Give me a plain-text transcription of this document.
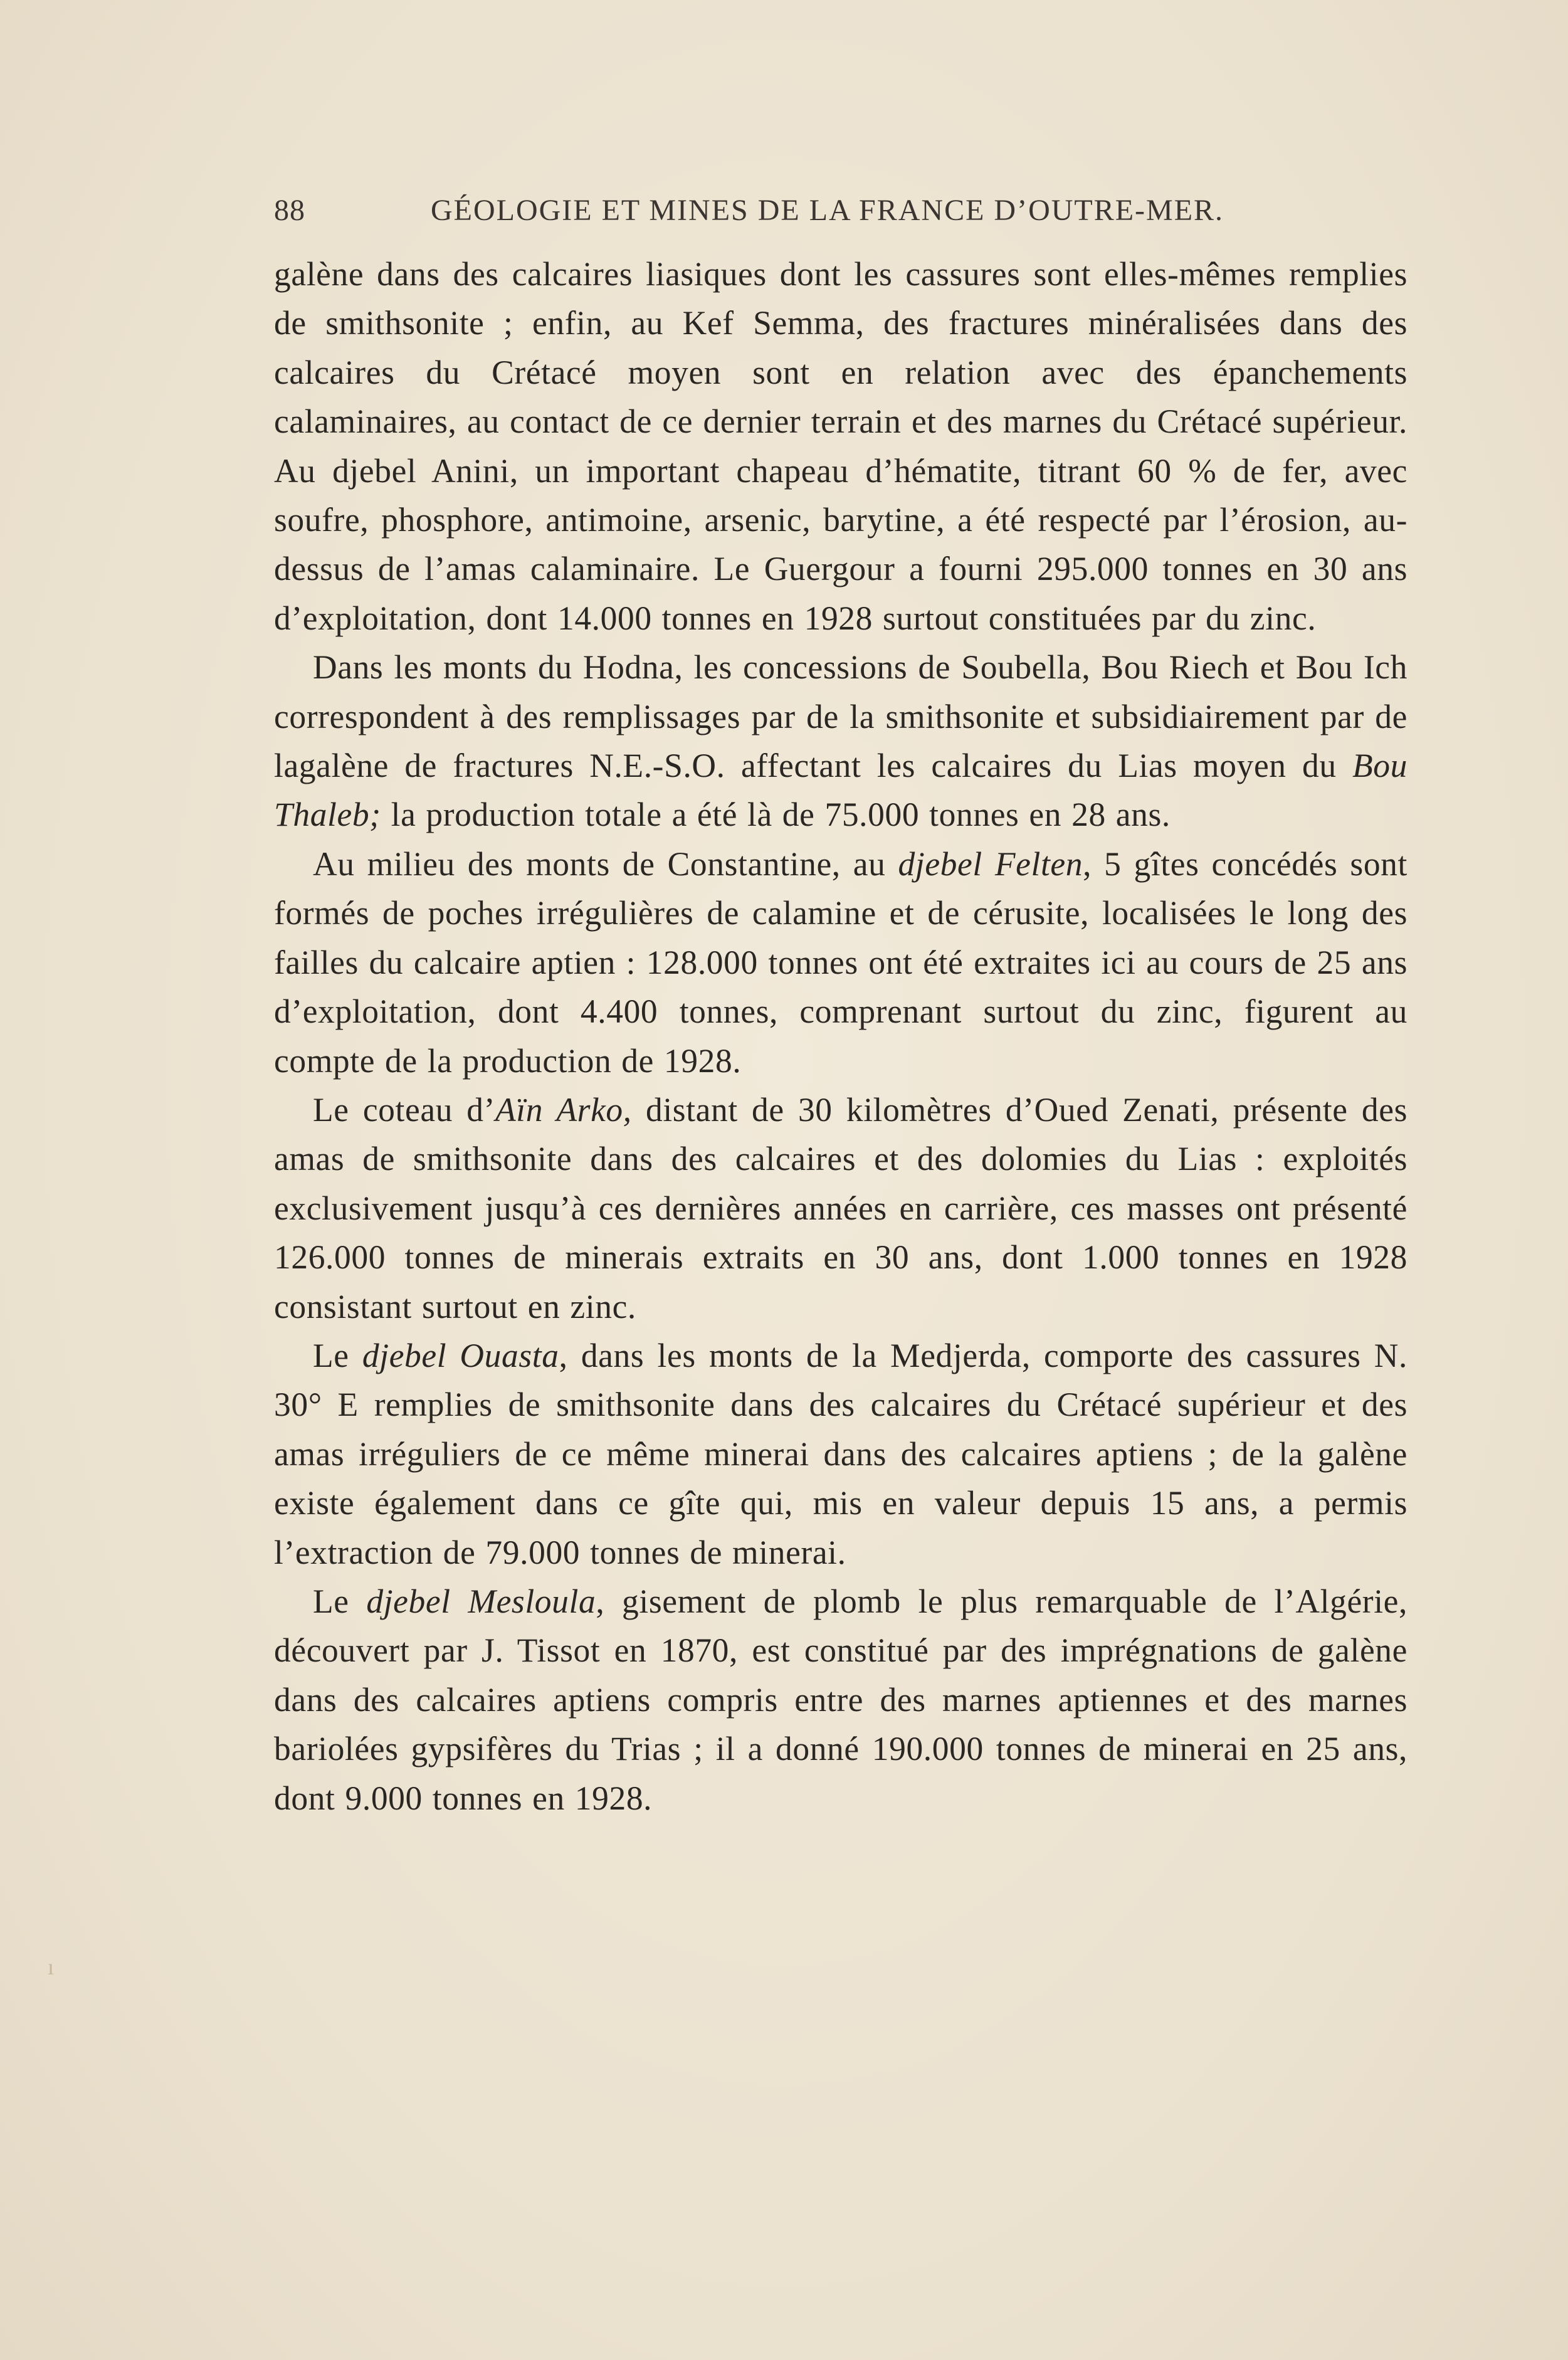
88	GÉOLOGIE ET MINES DE LA FRANCE D’OUTRE-MER.

galène dans des calcaires liasiques dont les cassures sont elles-mêmes remplies de smithsonite ; enfin, au Kef Semma, des fractures minéralisées dans des calcaires du Crétacé moyen sont en relation avec des épanchements calaminaires, au contact de ce dernier terrain et des marnes du Crétacé supérieur. Au djebel Anini, un important chapeau d’hématite, titrant 60 % de fer, avec soufre, phosphore, antimoine, arsenic, barytine, a été respecté par l’érosion, au-dessus de l’amas calaminaire. Le Guergour a fourni 295.000 tonnes en 30 ans d’exploitation, dont 14.000 tonnes en 1928 surtout constituées par du zinc.

Dans les monts du Hodna, les concessions de Soubella, Bou Riech et Bou Ich correspondent à des remplissages par de la smithsonite et subsidiairement par de lagalène de fractures N.E.-S.O. affectant les calcaires du Lias moyen du Bou Thaleb; la production totale a été là de 75.000 tonnes en 28 ans.

Au milieu des monts de Constantine, au djebel Felten, 5 gîtes concédés sont formés de poches irrégulières de calamine et de cérusite, localisées le long des failles du calcaire aptien : 128.000 tonnes ont été extraites ici au cours de 25 ans d’exploitation, dont 4.400 tonnes, comprenant surtout du zinc, figurent au compte de la production de 1928.

Le coteau d’Aïn Arko, distant de 30 kilomètres d’Oued Zenati, présente des amas de smithsonite dans des calcaires et des dolomies du Lias : exploités exclusivement jusqu’à ces dernières années en carrière, ces masses ont présenté 126.000 tonnes de minerais extraits en 30 ans, dont 1.000 tonnes en 1928 consistant surtout en zinc.

Le djebel Ouasta, dans les monts de la Medjerda, comporte des cassures N. 30° E remplies de smithsonite dans des calcaires du Crétacé supérieur et des amas irréguliers de ce même minerai dans des calcaires aptiens ; de la galène existe également dans ce gîte qui, mis en valeur depuis 15 ans, a permis l’extraction de 79.000 tonnes de minerai.

Le djebel Mesloula, gisement de plomb le plus remarquable de l’Algérie, découvert par J. Tissot en 1870, est constitué par des imprégnations de galène dans des calcaires aptiens compris entre des marnes aptiennes et des marnes bariolées gypsifères du Trias ; il a donné 190.000 tonnes de minerai en 25 ans, dont 9.000 tonnes en 1928.

ı
